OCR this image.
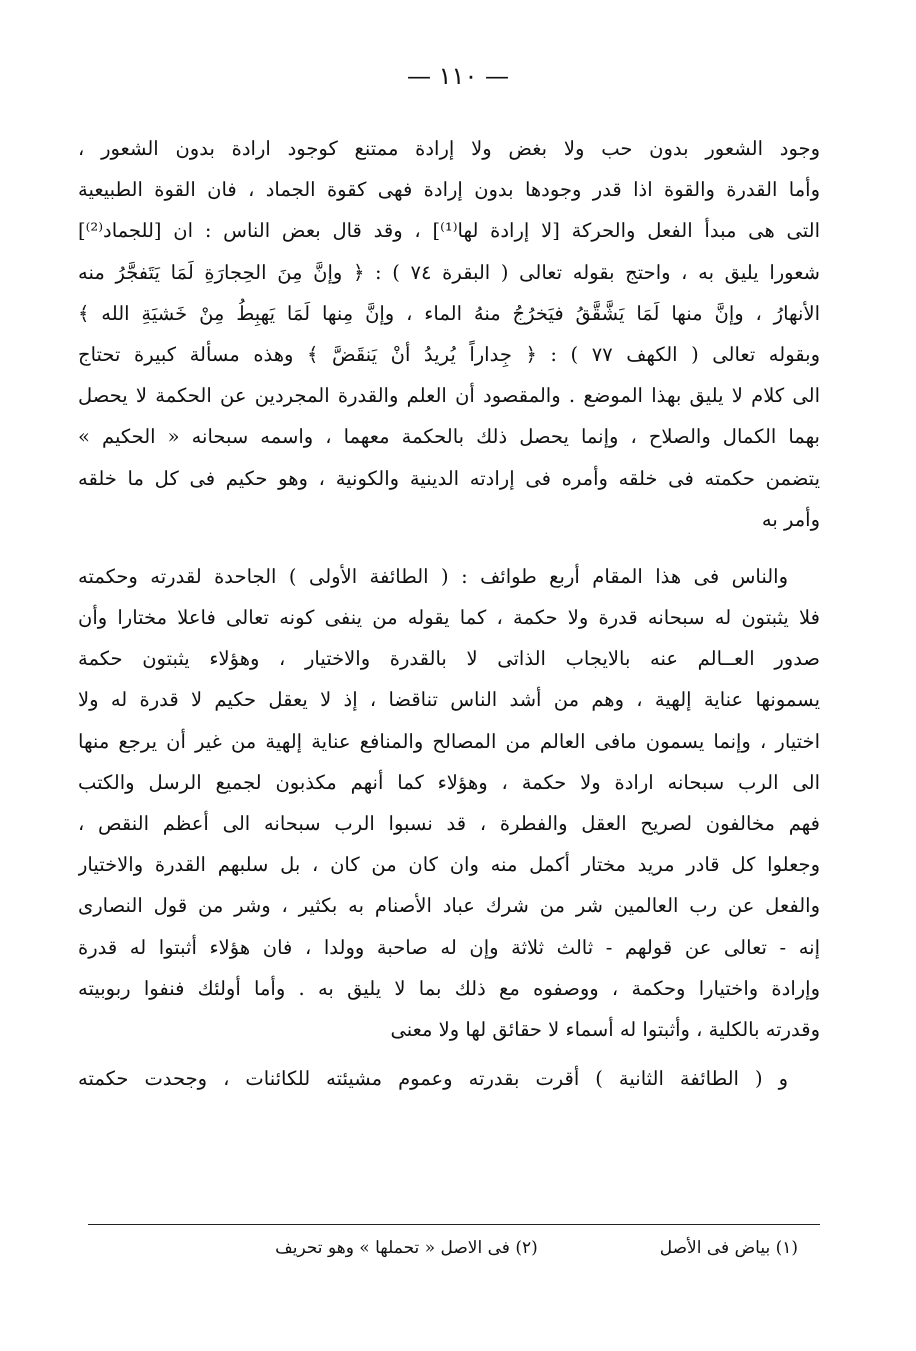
— ١١٠ —
وجود الشعور بدون حب ولا بغض ولا إرادة ممتنع كوجود ارادة بدون الشعور ،
وأما القدرة والقوة اذا قدر وجودها بدون إرادة فهى كقوة الجماد ، فان القوة الطبيعية
التى هى مبدأ الفعل والحركة [لا إرادة لها⁽¹⁾] ، وقد قال بعض الناس : ان [للجماد⁽²⁾]
شعورا يليق به ، واحتج بقوله تعالى ( البقرة ٧٤ ) : ﴿ وإنَّ مِنَ الحِجارَةِ لَمَا يَتَفجَّرُ منه
الأنهارُ ، وإنَّ منها لَمَا يَشَّقَّقُ فيَخرُجُ منهُ الماء ، وإنَّ مِنها لَمَا يَهبِطُ مِنْ خَشيَةِ الله ﴾
وبقوله تعالى ( الكهف ٧٧ ) : ﴿ جِداراً يُريدُ أنْ يَنقَضَّ ﴾ وهذه مسألة كبيرة تحتاج
الى كلام لا يليق بهذا الموضع . والمقصود أن العلم والقدرة المجردين عن الحكمة لا يحصل
بهما الكمال والصلاح ، وإنما يحصل ذلك بالحكمة معهما ، واسمه سبحانه « الحكيم »
يتضمن حكمته فى خلقه وأمره فى إرادته الدينية والكونية ، وهو حكيم فى كل ما خلقه
وأمر به
والناس فى هذا المقام أربع طوائف : ( الطائفة الأولى ) الجاحدة لقدرته وحكمته
فلا يثبتون له سبحانه قدرة ولا حكمة ، كما يقوله من ينفى كونه تعالى فاعلا مختارا وأن
صدور العــالم عنه بالايجاب الذاتى لا بالقدرة والاختيار ، وهؤلاء يثبتون حكمة
يسمونها عناية إلهية ، وهم من أشد الناس تناقضا ، إذ لا يعقل حكيم لا قدرة له ولا
اختيار ، وإنما يسمون مافى العالم من المصالح والمنافع عناية إلهية من غير أن يرجع منها
الى الرب سبحانه ارادة ولا حكمة ، وهؤلاء كما أنهم مكذبون لجميع الرسل والكتب
فهم مخالفون لصريح العقل والفطرة ، قد نسبوا الرب سبحانه الى أعظم النقص ،
وجعلوا كل قادر مريد مختار أكمل منه وان كان من كان ، بل سلبهم القدرة والاختيار
والفعل عن رب العالمين شر من شرك عباد الأصنام به بكثير ، وشر من قول النصارى
إنه - تعالى عن قولهم - ثالث ثلاثة وإن له صاحبة وولدا ، فان هؤلاء أثبتوا له قدرة
وإرادة واختيارا وحكمة ، ووصفوه مع ذلك بما لا يليق به . وأما أولئك فنفوا ربوبيته
وقدرته بالكلية ، وأثبتوا له أسماء لا حقائق لها ولا معنى
و ( الطائفة الثانية ) أقرت بقدرته وعموم مشيئته للكائنات ، وجحدت حكمته
(١) بياض فى الأصل
(٢) فى الاصل « تحملها » وهو تحريف
